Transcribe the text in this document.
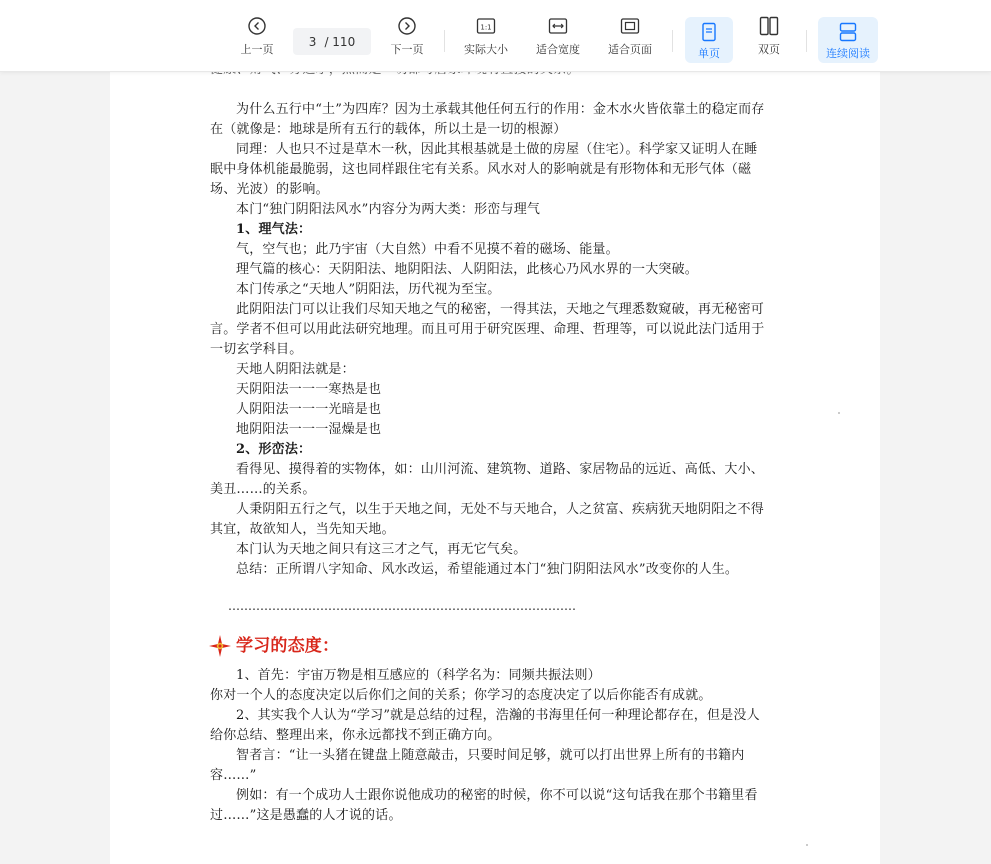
上一页
3 / 110
下一页
1:1
实际大小	适合宽度	适合页面	单页	双页	连续阅读

为什么五行中“土”为四库？因为土承载其他任何五行的作用：金木水火皆依靠土的稳定而存在（就像是：地球是所有五行的载体，所以土是一切的根源）

同理：人也只不过是草木一秋，因此其根基就是土做的房屋（住宅）。科学家又证明人在睡眠中身体机能最脆弱，这也同样跟住宅有关系。风水对人的影响就是有形物体和无形气体（磁场、光波）的影响。

本门“独门阴阳法风水”内容分为两大类：形峦与理气

1、理气法：

气，空气也；此乃宇宙（大自然）中看不见摸不着的磁场、能量。

理气篇的核心：天阴阳法、地阴阳法、人阴阳法，此核心乃风水界的一大突破。

本门传承之“天地人”阴阳法，历代视为至宝。

此阴阳法门可以让我们尽知天地之气的秘密，一得其法，天地之气理悉数窥破，再无秘密可言。学者不但可以用此法研究地理。而且可用于研究医理、命理、哲理等，可以说此法门适用于一切玄学科目。

天地人阴阳法就是：

天阴阳法一一一寒热是也

人阴阳法一一一光暗是也

地阴阳法一一一湿燥是也

2、形峦法：

看得见、摸得着的实物体，如：山川河流、建筑物、道路、家居物品的远近、高低、大小、美丑……的关系。

人秉阴阳五行之气，以生于天地之间，无处不与天地合，人之贫富、疾病犹天地阴阳之不得其宜，故欲知人，当先知天地。

本门认为天地之间只有这三才之气，再无它气矣。

总结：正所谓八字知命、风水改运，希望能通过本门“独门阴阳法风水”改变你的人生。

……………………………………………………………………………
学习的态度：

1、首先：宇宙万物是相互感应的（科学名为：同频共振法则）

你对一个人的态度决定以后你们之间的关系；你学习的态度决定了以后你能否有成就。

2、其实我个人认为“学习”就是总结的过程，浩瀚的书海里任何一种理论都存在，但是没人给你总结、整理出来，你永远都找不到正确方向。

智者言：“让一头猪在键盘上随意敲击，只要时间足够，就可以打出世界上所有的书籍内容……”

例如：有一个成功人士跟你说他成功的秘密的时候，你不可以说“这句话我在那个书籍里看过……”这是愚蠢的人才说的话。
